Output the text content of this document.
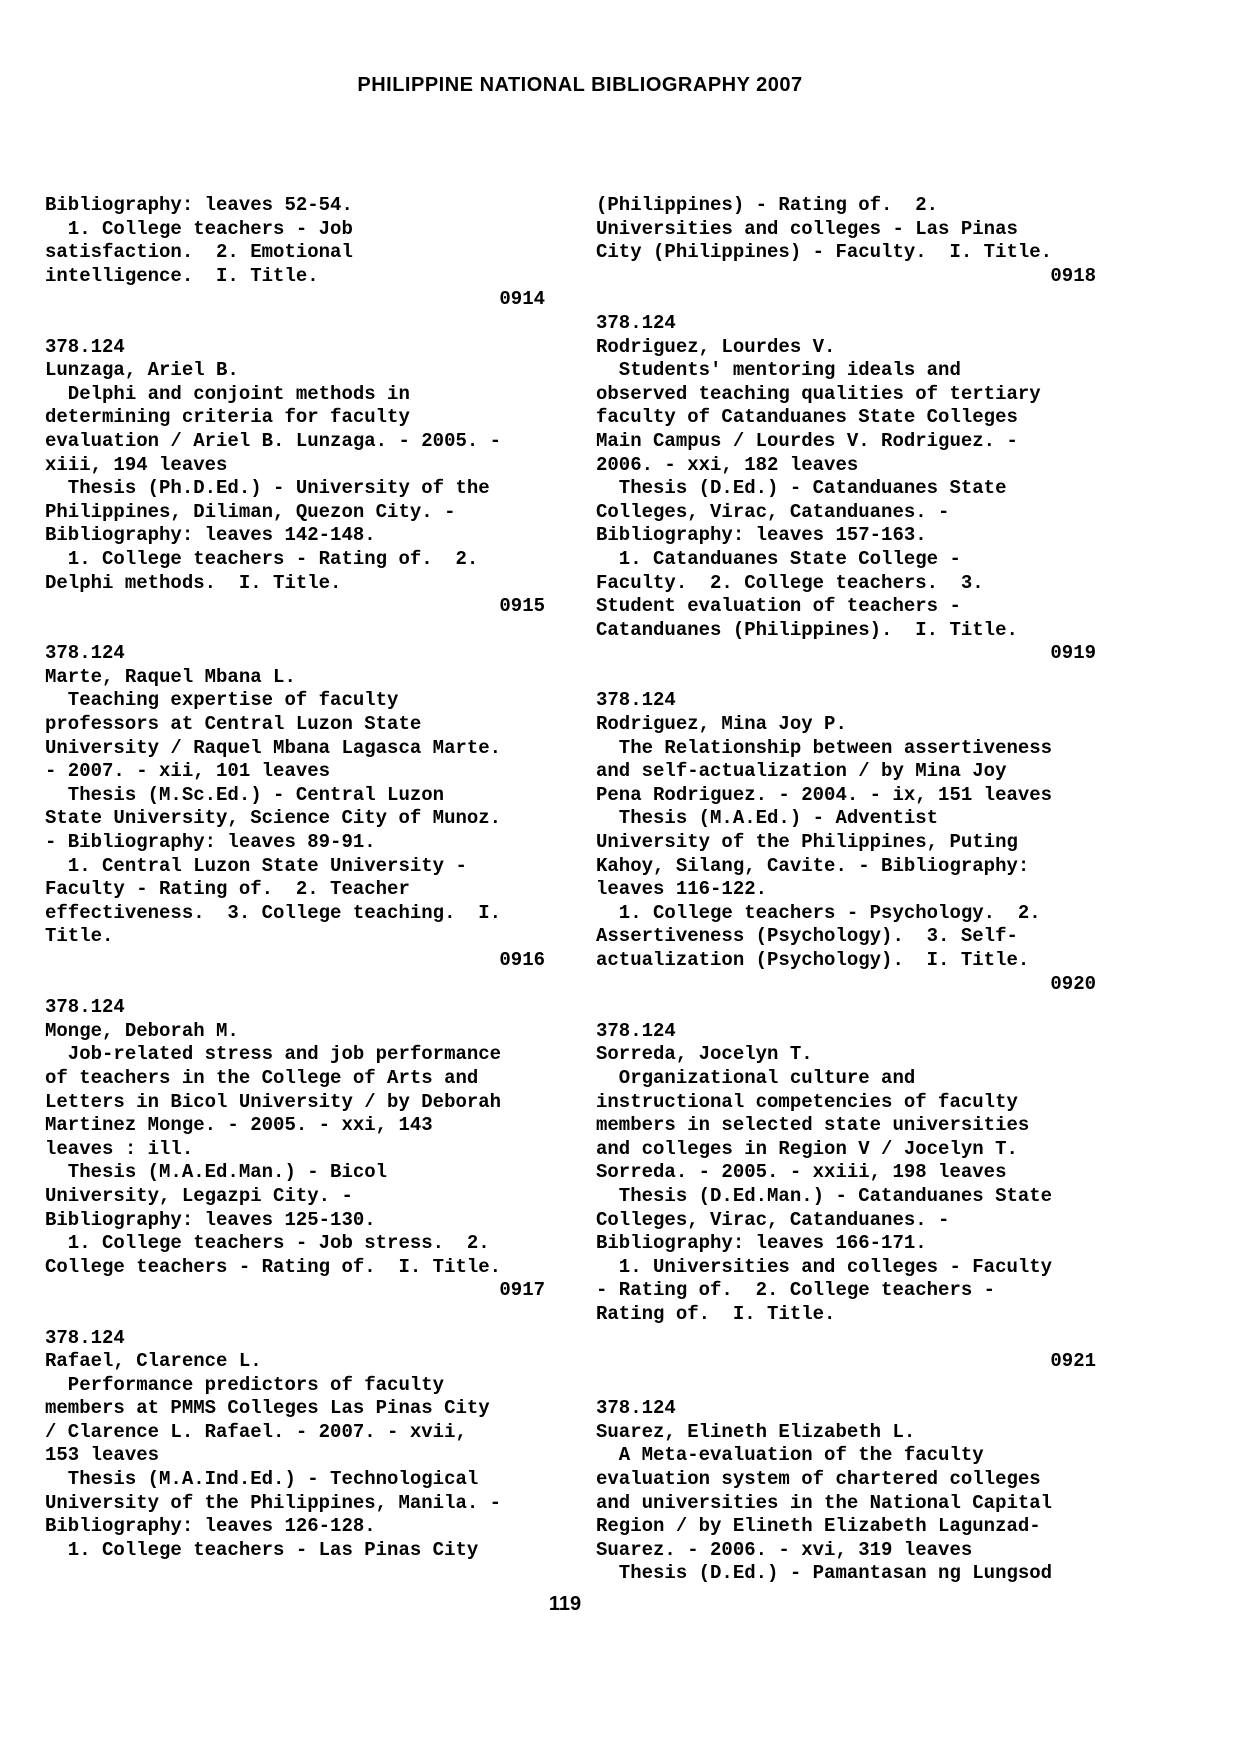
PHILIPPINE NATIONAL BIBLIOGRAPHY 2007
Bibliography: leaves 52-54.
1. College teachers - Job
satisfaction.  2. Emotional
intelligence.  I. Title.
0914
378.124
Lunzaga, Ariel B.
Delphi and conjoint methods in
determining criteria for faculty
evaluation / Ariel B. Lunzaga. - 2005. -
xiii, 194 leaves
Thesis (Ph.D.Ed.) - University of the
Philippines, Diliman, Quezon City. -
Bibliography: leaves 142-148.
1. College teachers - Rating of.  2.
Delphi methods.  I. Title.
0915
378.124
Marte, Raquel Mbana L.
Teaching expertise of faculty
professors at Central Luzon State
University / Raquel Mbana Lagasca Marte.
- 2007. - xii, 101 leaves
Thesis (M.Sc.Ed.) - Central Luzon
State University, Science City of Munoz.
- Bibliography: leaves 89-91.
1. Central Luzon State University -
Faculty - Rating of.  2. Teacher
effectiveness.  3. College teaching.  I.
Title.
0916
378.124
Monge, Deborah M.
Job-related stress and job performance
of teachers in the College of Arts and
Letters in Bicol University / by Deborah
Martinez Monge. - 2005. - xxi, 143
leaves : ill.
Thesis (M.A.Ed.Man.) - Bicol
University, Legazpi City. -
Bibliography: leaves 125-130.
1. College teachers - Job stress.  2.
College teachers - Rating of.  I. Title.
0917
378.124
Rafael, Clarence L.
Performance predictors of faculty
members at PMMS Colleges Las Pinas City
/ Clarence L. Rafael. - 2007. - xvii,
153 leaves
Thesis (M.A.Ind.Ed.) - Technological
University of the Philippines, Manila. -
Bibliography: leaves 126-128.
1. College teachers - Las Pinas City
(Philippines) - Rating of.  2.
Universities and colleges - Las Pinas
City (Philippines) - Faculty.  I. Title.
0918
378.124
Rodriguez, Lourdes V.
Students' mentoring ideals and
observed teaching qualities of tertiary
faculty of Catanduanes State Colleges
Main Campus / Lourdes V. Rodriguez. -
2006. - xxi, 182 leaves
Thesis (D.Ed.) - Catanduanes State
Colleges, Virac, Catanduanes. -
Bibliography: leaves 157-163.
1. Catanduanes State College -
Faculty.  2. College teachers.  3.
Student evaluation of teachers -
Catanduanes (Philippines).  I. Title.
0919
378.124
Rodriguez, Mina Joy P.
The Relationship between assertiveness
and self-actualization / by Mina Joy
Pena Rodriguez. - 2004. - ix, 151 leaves
Thesis (M.A.Ed.) - Adventist
University of the Philippines, Puting
Kahoy, Silang, Cavite. - Bibliography:
leaves 116-122.
1. College teachers - Psychology.  2.
Assertiveness (Psychology).  3. Self-
actualization (Psychology).  I. Title.
0920
378.124
Sorreda, Jocelyn T.
Organizational culture and
instructional competencies of faculty
members in selected state universities
and colleges in Region V / Jocelyn T.
Sorreda. - 2005. - xxiii, 198 leaves
Thesis (D.Ed.Man.) - Catanduanes State
Colleges, Virac, Catanduanes. -
Bibliography: leaves 166-171.
1. Universities and colleges - Faculty
- Rating of.  2. College teachers -
Rating of.  I. Title.
0921
378.124
Suarez, Elineth Elizabeth L.
A Meta-evaluation of the faculty
evaluation system of chartered colleges
and universities in the National Capital
Region / by Elineth Elizabeth Lagunzad-
Suarez. - 2006. - xvi, 319 leaves
Thesis (D.Ed.) - Pamantasan ng Lungsod
119
